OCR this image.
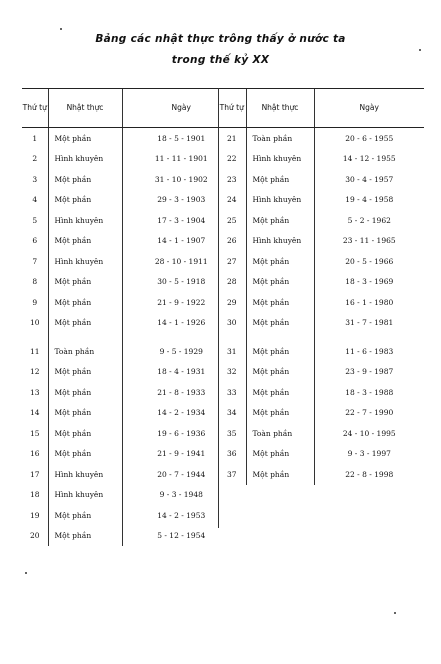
Bảng các nhật thực trông thấy ở nước ta
trong thế kỷ XX
Thứ tự	Nhật thực	Ngày
1	Một phần	18 - 5 - 1901
2	Hình khuyên	11 - 11 - 1901
3	Một phần	31 - 10 - 1902
4	Một phần	29 - 3 - 1903
5	Hình khuyên	17 - 3 - 1904
6	Một phần	14 - 1 - 1907
7	Hình khuyên	28 - 10 - 1911
8	Một phần	30 - 5 - 1918
9	Một phần	21 - 9 - 1922
10	Một phần	14 - 1 - 1926
11	Toàn phần	9 - 5 - 1929
12	Một phần	18 - 4 - 1931
13	Một phần	21 - 8 - 1933
14	Một phần	14 - 2 - 1934
15	Một phần	19 - 6 - 1936
16	Một phần	21 - 9 - 1941
17	Hình khuyên	20 - 7 - 1944
18	Hình khuyên	9 - 3 - 1948
19	Một phần	14 - 2 - 1953
20	Một phần	5 - 12 - 1954
Thứ tự	Nhật thực	Ngày
21	Toàn phần	20 - 6 - 1955
22	Hình khuyên	14 - 12 - 1955
23	Một phần	30 - 4 - 1957
24	Hình khuyên	19 - 4 - 1958
25	Một phần	5 - 2 - 1962
26	Hình khuyên	23 - 11 - 1965
27	Một phần	20 - 5 - 1966
28	Một phần	18 - 3 - 1969
29	Một phần	16 - 1 - 1980
30	Một phần	31 - 7 - 1981
31	Một phần	11 - 6 - 1983
32	Một phần	23 - 9 - 1987
33	Một phần	18 - 3 - 1988
34	Một phần	22 - 7 - 1990
35	Toàn phần	24 - 10 - 1995
36	Một phần	9 - 3 - 1997
37	Một phần	22 - 8 - 1998
